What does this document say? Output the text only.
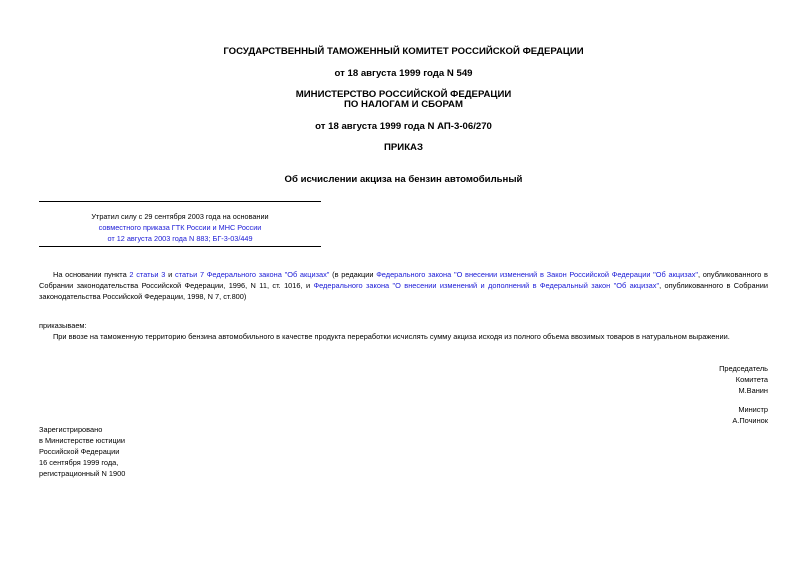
ГОСУДАРСТВЕННЫЙ ТАМОЖЕННЫЙ КОМИТЕТ РОССИЙСКОЙ ФЕДЕРАЦИИ
от 18 августа 1999 года N 549
МИНИСТЕРСТВО РОССИЙСКОЙ ФЕДЕРАЦИИ
ПО НАЛОГАМ И СБОРАМ
от 18 августа 1999 года N АП-3-06/270
ПРИКАЗ
Об исчислении акциза на бензин автомобильный
Утратил силу с 29 сентября 2003 года на основании
совместного приказа ГТК России и МНС России
от 12 августа 2003 года N 883; БГ-3-03/449
На основании пункта 2 статьи 3 и статьи 7 Федерального закона "Об акцизах" (в редакции Федерального закона "О внесении изменений в Закон Российской Федерации "Об акцизах", опубликованного в Собрании законодательства Российской Федерации, 1996, N 11, ст. 1016, и Федерального закона "О внесении изменений и дополнений в Федеральный закон "Об акцизах", опубликованного в Собрании законодательства Российской Федерации, 1998, N 7, ст.800)
приказываем:
При ввозе на таможенную территорию бензина автомобильного в качестве продукта переработки исчислять сумму акциза исходя из полного объема ввозимых товаров в натуральном выражении.
Председатель
Комитета
М.Ванин
Министр
А.Починок
Зарегистрировано
в Министерстве юстиции
Российской Федерации
16 сентября 1999 года,
регистрационный N 1900
